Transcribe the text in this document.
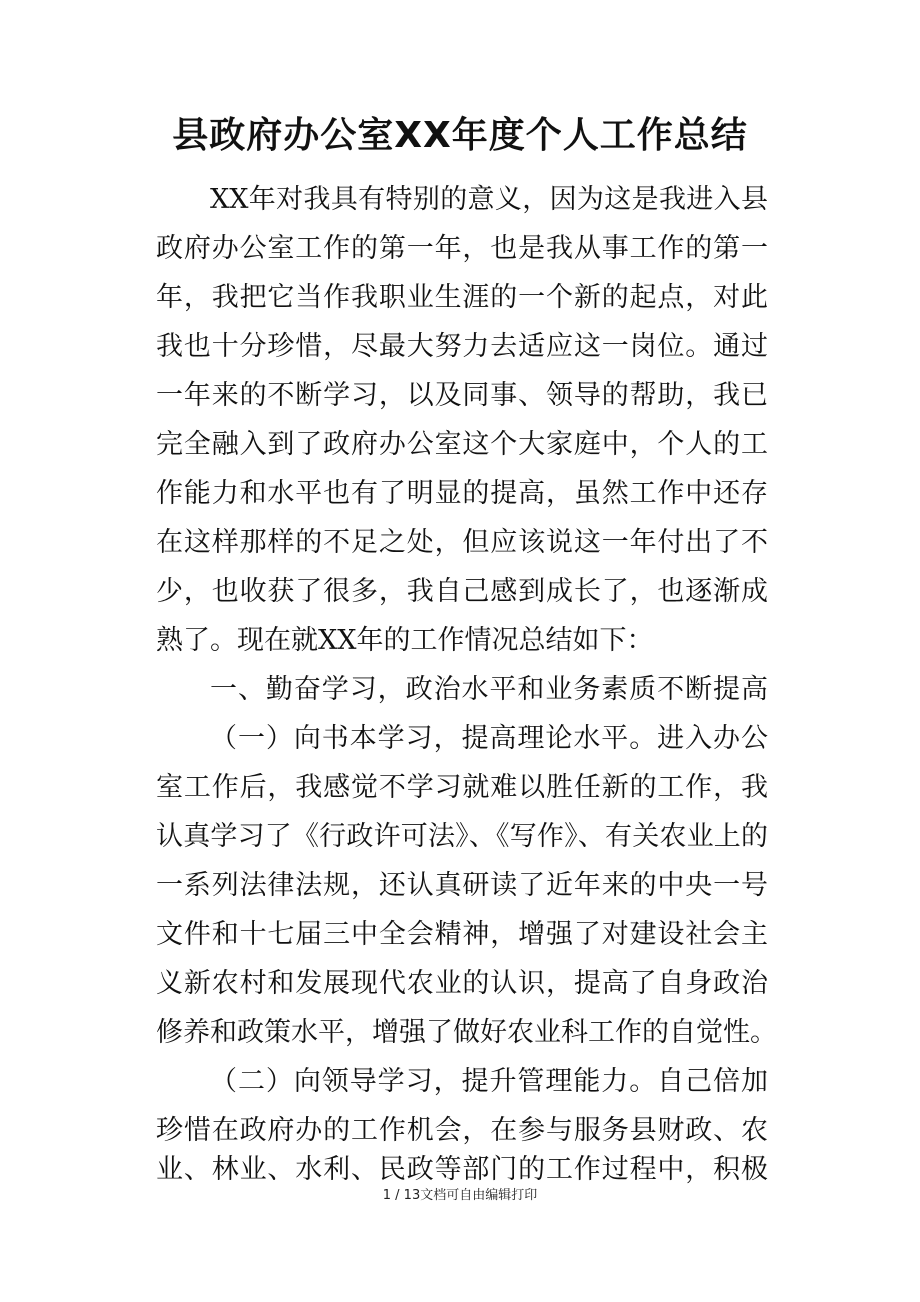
县政府办公室XX年度个人工作总结
XX年对我具有特别的意义，因为这是我进入县
政府办公室工作的第一年，也是我从事工作的第一
年，我把它当作我职业生涯的一个新的起点，对此
我也十分珍惜，尽最大努力去适应这一岗位。通过
一年来的不断学习，以及同事、领导的帮助，我已
完全融入到了政府办公室这个大家庭中，个人的工
作能力和水平也有了明显的提高，虽然工作中还存
在这样那样的不足之处，但应该说这一年付出了不
少，也收获了很多，我自己感到成长了，也逐渐成
熟了。现在就XX年的工作情况总结如下：
一、勤奋学习，政治水平和业务素质不断提高
（一）向书本学习，提高理论水平。进入办公
室工作后，我感觉不学习就难以胜任新的工作，我
认真学习了《行政许可法》、《写作》、有关农业上的
一系列法律法规，还认真研读了近年来的中央一号
文件和十七届三中全会精神，增强了对建设社会主
义新农村和发展现代农业的认识，提高了自身政治
修养和政策水平，增强了做好农业科工作的自觉性。
（二）向领导学习，提升管理能力。自己倍加
珍惜在政府办的工作机会，在参与服务县财政、农
业、林业、水利、民政等部门的工作过程中，积极
1 / 13文档可自由编辑打印
